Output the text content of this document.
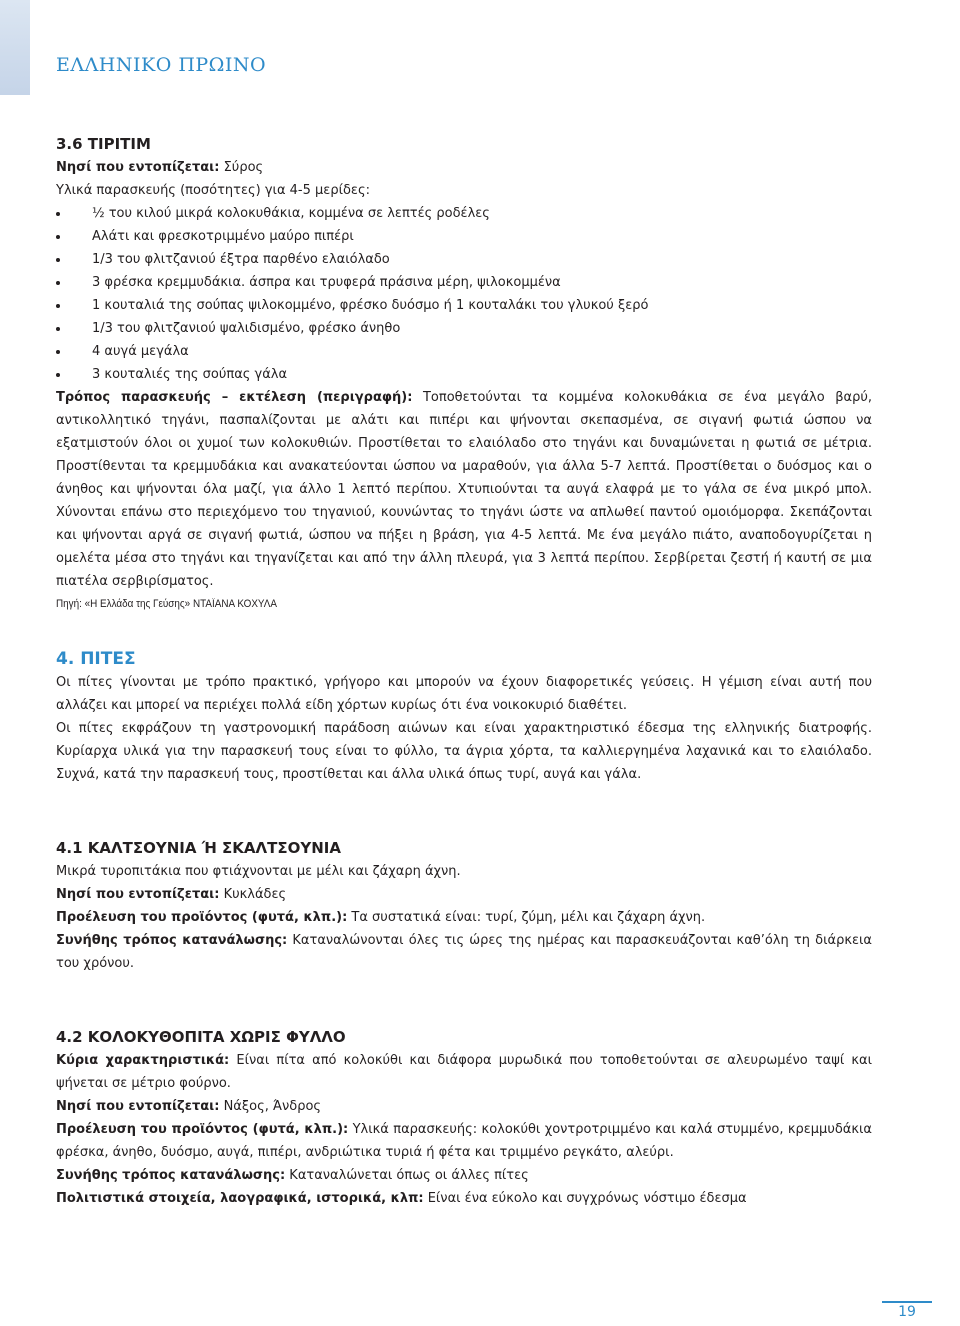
ΕΛΛΗΝΙΚΟ ΠΡΩΙΝΟ
3.6 ΤΙΡΙΤΙΜ
Νησί που εντοπίζεται: Σύρος
Υλικά παρασκευής (ποσότητες) για 4-5 μερίδες:
½ του κιλού μικρά κολοκυθάκια, κομμένα σε λεπτές ροδέλες
Αλάτι και φρεσκοτριμμένο μαύρο πιπέρι
1/3 του φλιτζανιού έξτρα παρθένο ελαιόλαδο
3 φρέσκα κρεμμυδάκια. άσπρα και τρυφερά πράσινα μέρη, ψιλοκομμένα
1 κουταλιά της σούπας ψιλοκομμένο, φρέσκο δυόσμο ή 1 κουταλάκι του γλυκού ξερό
1/3 του φλιτζανιού ψαλιδισμένο, φρέσκο άνηθο
4 αυγά μεγάλα
3 κουταλιές της σούπας γάλα
Τρόπος παρασκευής – εκτέλεση (περιγραφή): Τοποθετούνται τα κομμένα κολοκυθάκια σε ένα μεγάλο βαρύ, αντικολλητικό τηγάνι, πασπαλίζονται με αλάτι και πιπέρι και ψήνονται σκεπασμένα, σε σιγανή φωτιά ώσπου να εξατμιστούν όλοι οι χυμοί των κολοκυθιών. Προστίθεται το ελαιόλαδο στο τηγάνι και δυναμώνεται η φωτιά σε μέτρια. Προστίθενται τα κρεμμυδάκια και ανακατεύονται ώσπου να μαραθούν, για άλλα 5-7 λεπτά. Προστίθεται ο δυόσμος και ο άνηθος και ψήνονται όλα μαζί, για άλλο 1 λεπτό περίπου. Χτυπιούνται τα αυγά ελαφρά με το γάλα σε ένα μικρό μπολ. Χύνονται επάνω στο περιεχόμενο του τηγανιού, κουνώντας το τηγάνι ώστε να απλωθεί παντού ομοιόμορφα. Σκεπάζονται και ψήνονται αργά σε σιγανή φωτιά, ώσπου να πήξει η βράση, για 4-5 λεπτά. Με ένα μεγάλο πιάτο, αναποδογυρίζεται η ομελέτα μέσα στο τηγάνι και τηγανίζεται και από την άλλη πλευρά, για 3 λεπτά περίπου. Σερβίρεται ζεστή ή καυτή σε μια πιατέλα σερβιρίσματος.
Πηγή: «Η Ελλάδα της Γεύσης» ΝΤΑΪΑΝΑ ΚΟΧΥΛΑ
4. ΠΙΤΕΣ
Οι πίτες γίνονται με τρόπο πρακτικό, γρήγορο και μπορούν να έχουν διαφορετικές γεύσεις. Η γέμιση είναι αυτή που αλλάζει και μπορεί να περιέχει πολλά είδη χόρτων κυρίως ότι ένα νοικοκυριό διαθέτει.
Οι πίτες εκφράζουν τη γαστρονομική παράδοση αιώνων και είναι χαρακτηριστικό έδεσμα της ελληνικής διατροφής. Κυρίαρχα υλικά για την παρασκευή τους είναι το φύλλο, τα άγρια χόρτα, τα καλλιεργημένα λαχανικά και το ελαιόλαδο. Συχνά, κατά την παρασκευή τους, προστίθεται και άλλα υλικά όπως τυρί, αυγά και γάλα.
4.1 ΚΑΛΤΣΟΥΝΙΑ Ή ΣΚΑΛΤΣΟΥΝΙΑ
Μικρά τυροπιτάκια που φτιάχνονται με μέλι και ζάχαρη άχνη.
Νησί που εντοπίζεται: Κυκλάδες
Προέλευση του προϊόντος (φυτά, κλπ.): Τα συστατικά είναι: τυρί, ζύμη, μέλι και ζάχαρη άχνη.
Συνήθης τρόπος κατανάλωσης: Καταναλώνονται όλες τις ώρες της ημέρας και παρασκευάζονται καθ’όλη τη διάρκεια του χρόνου.
4.2 ΚΟΛΟΚΥΘΟΠΙΤΑ ΧΩΡΙΣ ΦΥΛΛΟ
Κύρια χαρακτηριστικά: Είναι πίτα από κολοκύθι και διάφορα μυρωδικά που τοποθετούνται σε αλευρωμένο ταψί και ψήνεται σε μέτριο φούρνο.
Νησί που εντοπίζεται: Νάξος, Άνδρος
Προέλευση του προϊόντος (φυτά, κλπ.): Υλικά παρασκευής: κολοκύθι χοντροτριμμένο και καλά στυμμένο, κρεμμυδάκια φρέσκα, άνηθο, δυόσμο, αυγά, πιπέρι, ανδριώτικα τυριά ή φέτα και τριμμένο ρεγκάτο, αλεύρι.
Συνήθης τρόπος κατανάλωσης: Καταναλώνεται όπως οι άλλες πίτες
Πολιτιστικά στοιχεία, λαογραφικά, ιστορικά, κλπ: Είναι ένα εύκολο και συγχρόνως νόστιμο έδεσμα
19
